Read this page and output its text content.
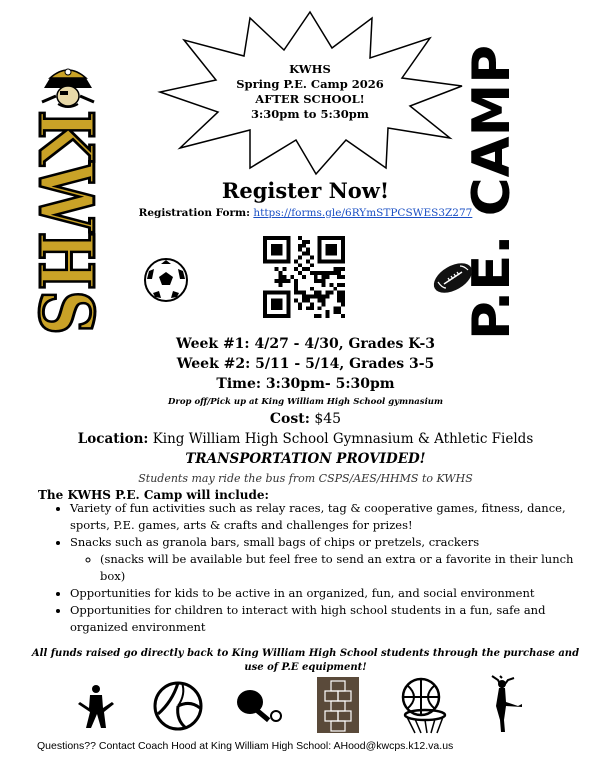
KWHS
Spring P.E. Camp 2026
AFTER SCHOOL!
3:30pm to 5:30pm
KWHS	P.E. CAMP
Register Now!
Registration Form: https://forms.gle/6RYmSTPCSWES3Z277
Week #1: 4/27 - 4/30, Grades K-3
Week #2: 5/11 - 5/14, Grades 3-5
Time: 3:30pm- 5:30pm
Drop off/Pick up at King William High School gymnasium
Cost: $45
Location: King William High School Gymnasium & Athletic Fields
TRANSPORTATION PROVIDED!
Students may ride the bus from CSPS/AES/HHMS to KWHS
The KWHS P.E. Camp will include:
• Variety of fun activities such as relay races, tag & cooperative games, fitness, dance, sports, P.E. games, arts & crafts and challenges for prizes!
• Snacks such as granola bars, small bags of chips or pretzels, crackers
◦ (snacks will be available but feel free to send an extra or a favorite in their lunch box)
• Opportunities for kids to be active in an organized, fun, and social environment
• Opportunities for children to interact with high school students in a fun, safe and organized environment
All funds raised go directly back to King William High School students through the purchase and use of P.E equipment!
Questions?? Contact Coach Hood at King William High School: AHood@kwcps.k12.va.us
